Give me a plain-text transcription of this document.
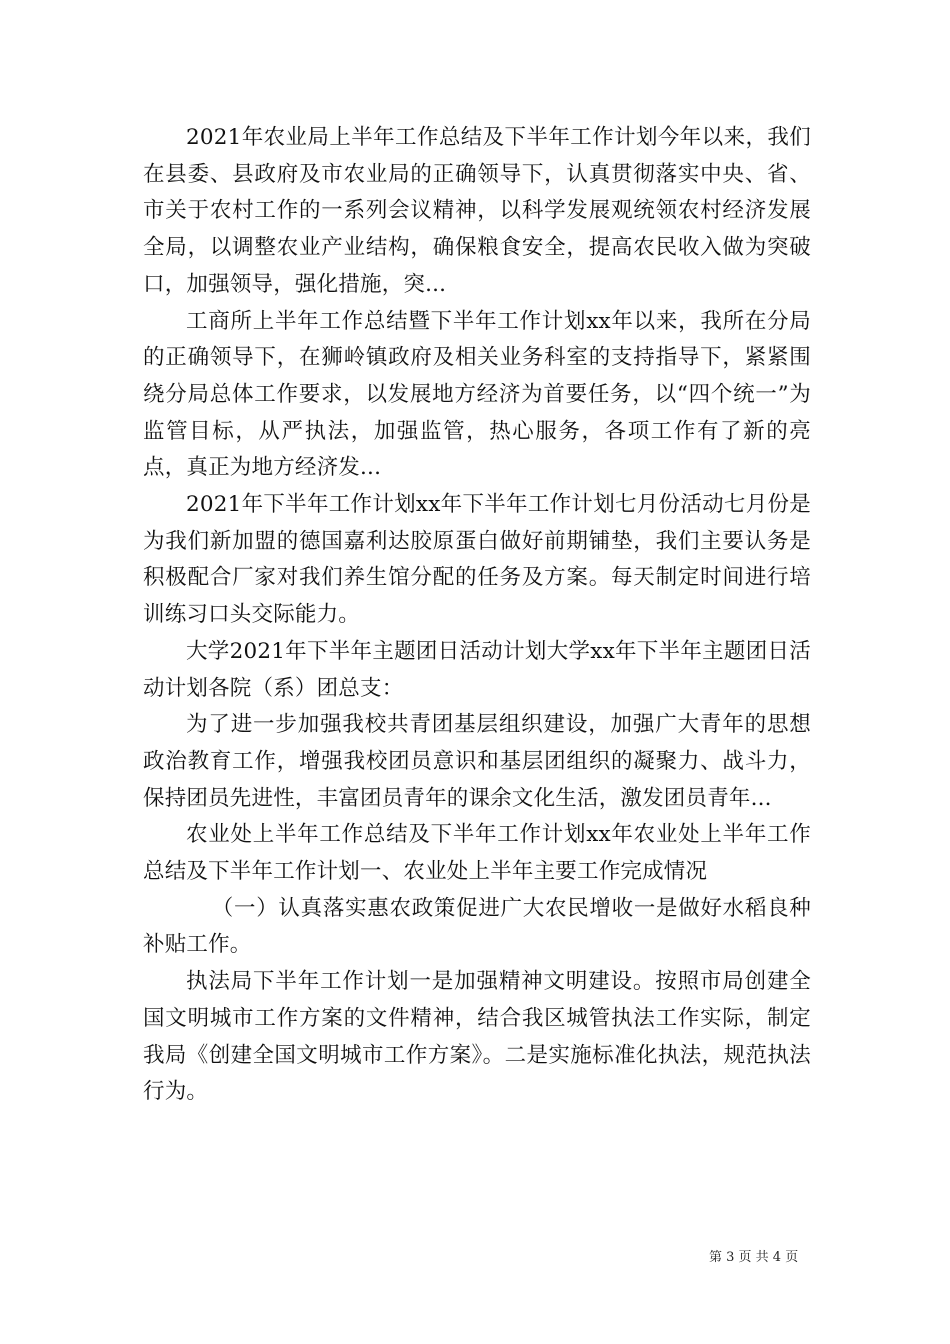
2021年农业局上半年工作总结及下半年工作计划今年以来，我们在县委、县政府及市农业局的正确领导下，认真贯彻落实中央、省、市关于农村工作的一系列会议精神，以科学发展观统领农村经济发展全局，以调整农业产业结构，确保粮食安全，提高农民收入做为突破口，加强领导，强化措施，突...

工商所上半年工作总结暨下半年工作计划xx年以来，我所在分局的正确领导下，在狮岭镇政府及相关业务科室的支持指导下，紧紧围绕分局总体工作要求，以发展地方经济为首要任务，以“四个统一”为监管目标，从严执法，加强监管，热心服务，各项工作有了新的亮点，真正为地方经济发...

2021年下半年工作计划xx年下半年工作计划七月份活动七月份是为我们新加盟的德国嘉利达胶原蛋白做好前期铺垫，我们主要认务是积极配合厂家对我们养生馆分配的任务及方案。每天制定时间进行培训练习口头交际能力。

大学2021年下半年主题团日活动计划大学xx年下半年主题团日活动计划各院（系）团总支：

为了进一步加强我校共青团基层组织建设，加强广大青年的思想政治教育工作，增强我校团员意识和基层团组织的凝聚力、战斗力，保持团员先进性，丰富团员青年的课余文化生活，激发团员青年...

农业处上半年工作总结及下半年工作计划xx年农业处上半年工作总结及下半年工作计划一、农业处上半年主要工作完成情况

（一）认真落实惠农政策促进广大农民增收一是做好水稻良种补贴工作。

执法局下半年工作计划一是加强精神文明建设。按照市局创建全国文明城市工作方案的文件精神，结合我区城管执法工作实际，制定我局《创建全国文明城市工作方案》。二是实施标准化执法，规范执法行为。

第 3 页 共 4 页
